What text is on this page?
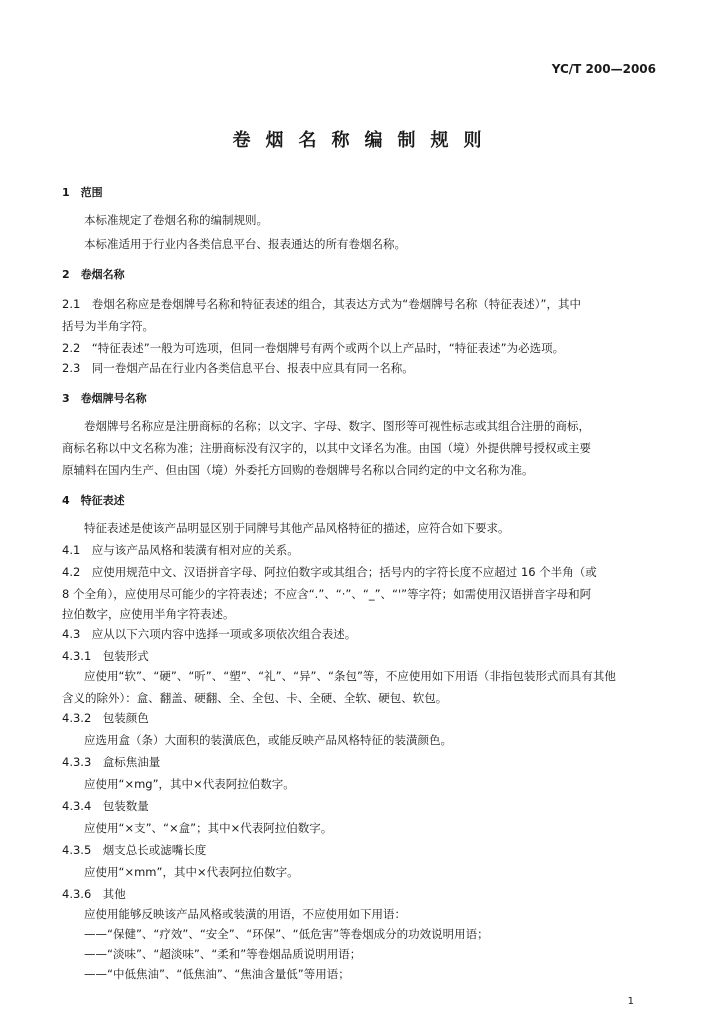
YC/T 200—2006
卷烟名称编制规则
1　范围
本标准规定了卷烟名称的编制规则。
本标准适用于行业内各类信息平台、报表通达的所有卷烟名称。
2　卷烟名称
2.1　卷烟名称应是卷烟牌号名称和特征表述的组合，其表达方式为“卷烟牌号名称（特征表述）”，其中
括号为半角字符。
2.2　“特征表述”一般为可选项，但同一卷烟牌号有两个或两个以上产品时，“特征表述”为必选项。
2.3　同一卷烟产品在行业内各类信息平台、报表中应具有同一名称。
3　卷烟牌号名称
卷烟牌号名称应是注册商标的名称；以文字、字母、数字、图形等可视性标志或其组合注册的商标，
商标名称以中文名称为准；注册商标没有汉字的，以其中文译名为准。由国（境）外提供牌号授权或主要
原辅料在国内生产、但由国（境）外委托方回购的卷烟牌号名称以合同约定的中文名称为准。
4　特征表述
特征表述是使该产品明显区别于同牌号其他产品风格特征的描述，应符合如下要求。
4.1　应与该产品风格和装潢有相对应的关系。
4.2　应使用规范中文、汉语拼音字母、阿拉伯数字或其组合；括号内的字符长度不应超过 16 个半角（或
8 个全角），应使用尽可能少的字符表述；不应含“.”、“·”、“_”、“'”等字符；如需使用汉语拼音字母和阿
拉伯数字，应使用半角字符表述。
4.3　应从以下六项内容中选择一项或多项依次组合表述。
4.3.1　包装形式
应使用“软”、“硬”、“听”、“塑”、“礼”、“异”、“条包”等，不应使用如下用语（非指包装形式而具有其他
含义的除外）：盒、翻盖、硬翻、全、全包、卡、全硬、全软、硬包、软包。
4.3.2　包装颜色
应选用盒（条）大面积的装潢底色，或能反映产品风格特征的装潢颜色。
4.3.3　盒标焦油量
应使用“×mg”，其中×代表阿拉伯数字。
4.3.4　包装数量
应使用“×支”、“×盒”；其中×代表阿拉伯数字。
4.3.5　烟支总长或滤嘴长度
应使用“×mm”，其中×代表阿拉伯数字。
4.3.6　其他
应使用能够反映该产品风格或装潢的用语，不应使用如下用语：
——“保健”、“疗效”、“安全”、“环保”、“低危害”等卷烟成分的功效说明用语；
——“淡味”、“超淡味”、“柔和”等卷烟品质说明用语；
——“中低焦油”、“低焦油”、“焦油含量低”等用语；
1
